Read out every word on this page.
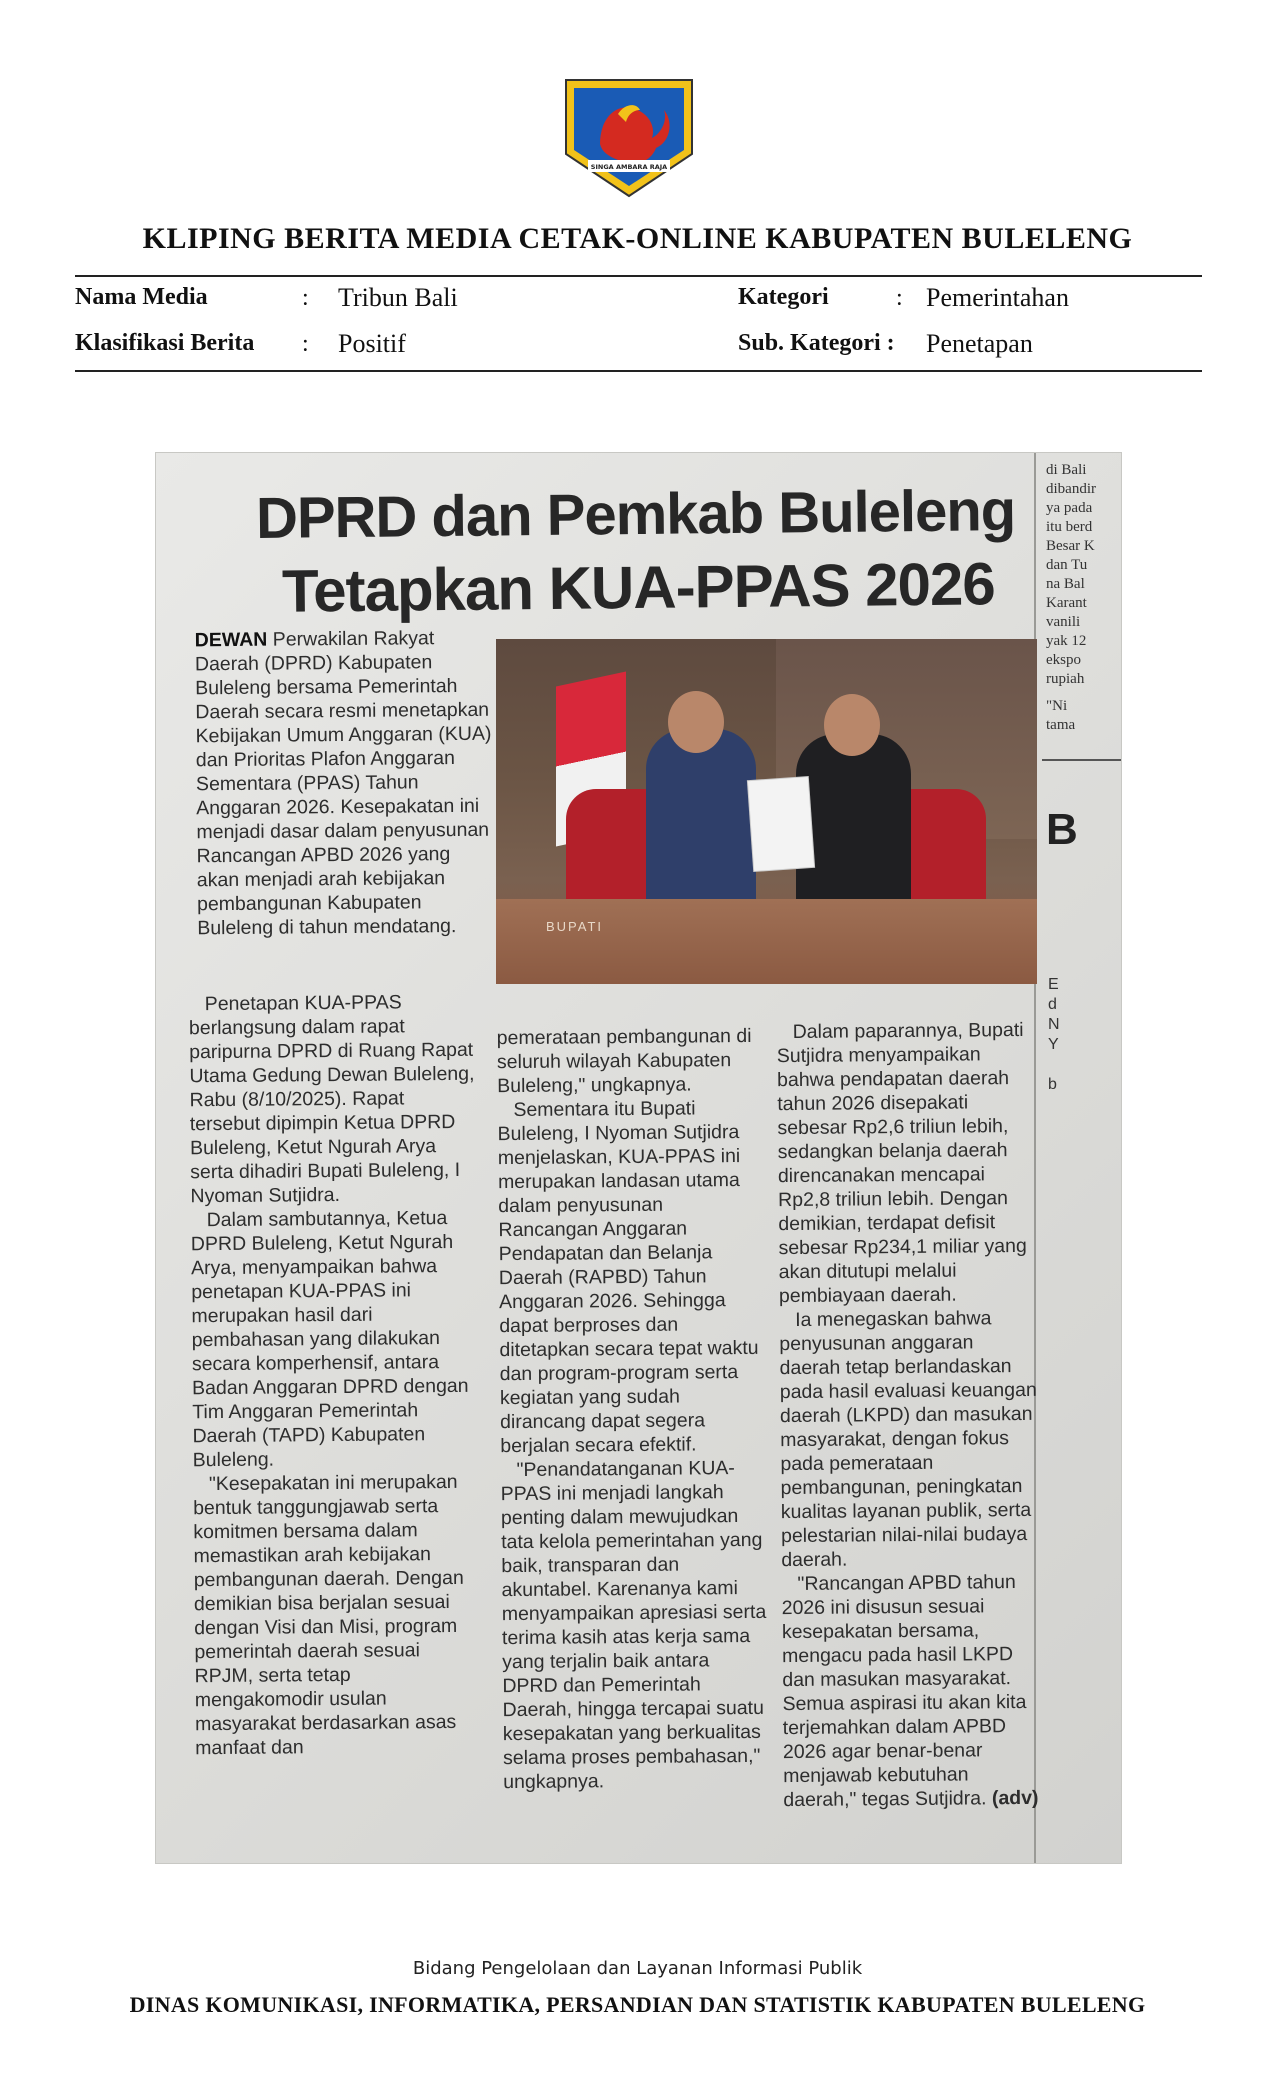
SINGA AMBARA RAJA
KLIPING BERITA MEDIA CETAK-ONLINE KABUPATEN BULELENG
Nama Media	: Tribun Bali	Kategori	: Pemerintahan
Klasifikasi Berita : Positif	Sub. Kategori : Penetapan
di Bali
dibandir
ya pada
itu berd
Besar K
dan Tu
na Bal
Karant
vanili
yak 12
ekspo
rupiah
"Ni
tama
B
E
d
N
Y

b
DPRD dan Pemkab Buleleng
Tetapkan KUA-PPAS 2026
BUPATI

DEWAN Perwakilan Rakyat Daerah (DPRD) Kabupaten Buleleng bersama Pemerintah Daerah secara resmi menetapkan Kebijakan Umum Anggaran (KUA) dan Prioritas Plafon Anggaran Sementara (PPAS) Tahun Anggaran 2026. Kesepakatan ini menjadi dasar dalam penyusunan Rancangan APBD 2026 yang akan menjadi arah kebijakan pembangunan Kabupaten Buleleng di tahun mendatang.

Penetapan KUA-PPAS berlangsung dalam rapat paripurna DPRD di Ruang Rapat Utama Gedung Dewan Buleleng, Rabu (8/10/2025). Rapat tersebut dipimpin Ketua DPRD Buleleng, Ketut Ngurah Arya serta dihadiri Bupati Buleleng, I Nyoman Sutjidra.

Dalam sambutannya, Ketua DPRD Buleleng, Ketut Ngurah Arya, menyampaikan bahwa penetapan KUA-PPAS ini merupakan hasil dari pembahasan yang dilakukan secara komperhensif, antara Badan Anggaran DPRD dengan Tim Anggaran Pemerintah Daerah (TAPD) Kabupaten Buleleng.

"Kesepakatan ini merupakan bentuk tanggungjawab serta komitmen bersama dalam memastikan arah kebijakan pembangunan daerah. Dengan demikian bisa berjalan sesuai dengan Visi dan Misi, program pemerintah daerah sesuai RPJM, serta tetap mengakomodir usulan masyarakat berdasarkan asas manfaat dan

pemerataan pembangunan di seluruh wilayah Kabupaten Buleleng," ungkapnya.

Sementara itu Bupati Buleleng, I Nyoman Sutjidra menjelaskan, KUA-PPAS ini merupakan landasan utama dalam penyusunan Rancangan Anggaran Pendapatan dan Belanja Daerah (RAPBD) Tahun Anggaran 2026. Sehingga dapat berproses dan ditetapkan secara tepat waktu dan program-program serta kegiatan yang sudah dirancang dapat segera berjalan secara efektif.

"Penandatanganan KUA-PPAS ini menjadi langkah penting dalam mewujudkan tata kelola pemerintahan yang baik, transparan dan akuntabel. Karenanya kami menyampaikan apresiasi serta terima kasih atas kerja sama yang terjalin baik antara DPRD dan Pemerintah Daerah, hingga tercapai suatu kesepakatan yang berkualitas selama proses pembahasan," ungkapnya.

Dalam paparannya, Bupati Sutjidra menyampaikan bahwa pendapatan daerah tahun 2026 disepakati sebesar Rp2,6 triliun lebih, sedangkan belanja daerah direncanakan mencapai Rp2,8 triliun lebih. Dengan demikian, terdapat defisit sebesar Rp234,1 miliar yang akan ditutupi melalui pembiayaan daerah.

Ia menegaskan bahwa penyusunan anggaran daerah tetap berlandaskan pada hasil evaluasi keuangan daerah (LKPD) dan masukan masyarakat, dengan fokus pada pemerataan pembangunan, peningkatan kualitas layanan publik, serta pelestarian nilai-nilai budaya daerah.

"Rancangan APBD tahun 2026 ini disusun sesuai kesepakatan bersama, mengacu pada hasil LKPD dan masukan masyarakat. Semua aspirasi itu akan kita terjemahkan dalam APBD 2026 agar benar-benar menjawab kebutuhan daerah," tegas Sutjidra. (adv)

Bidang Pengelolaan dan Layanan Informasi Publik
DINAS KOMUNIKASI, INFORMATIKA, PERSANDIAN DAN STATISTIK KABUPATEN BULELENG
